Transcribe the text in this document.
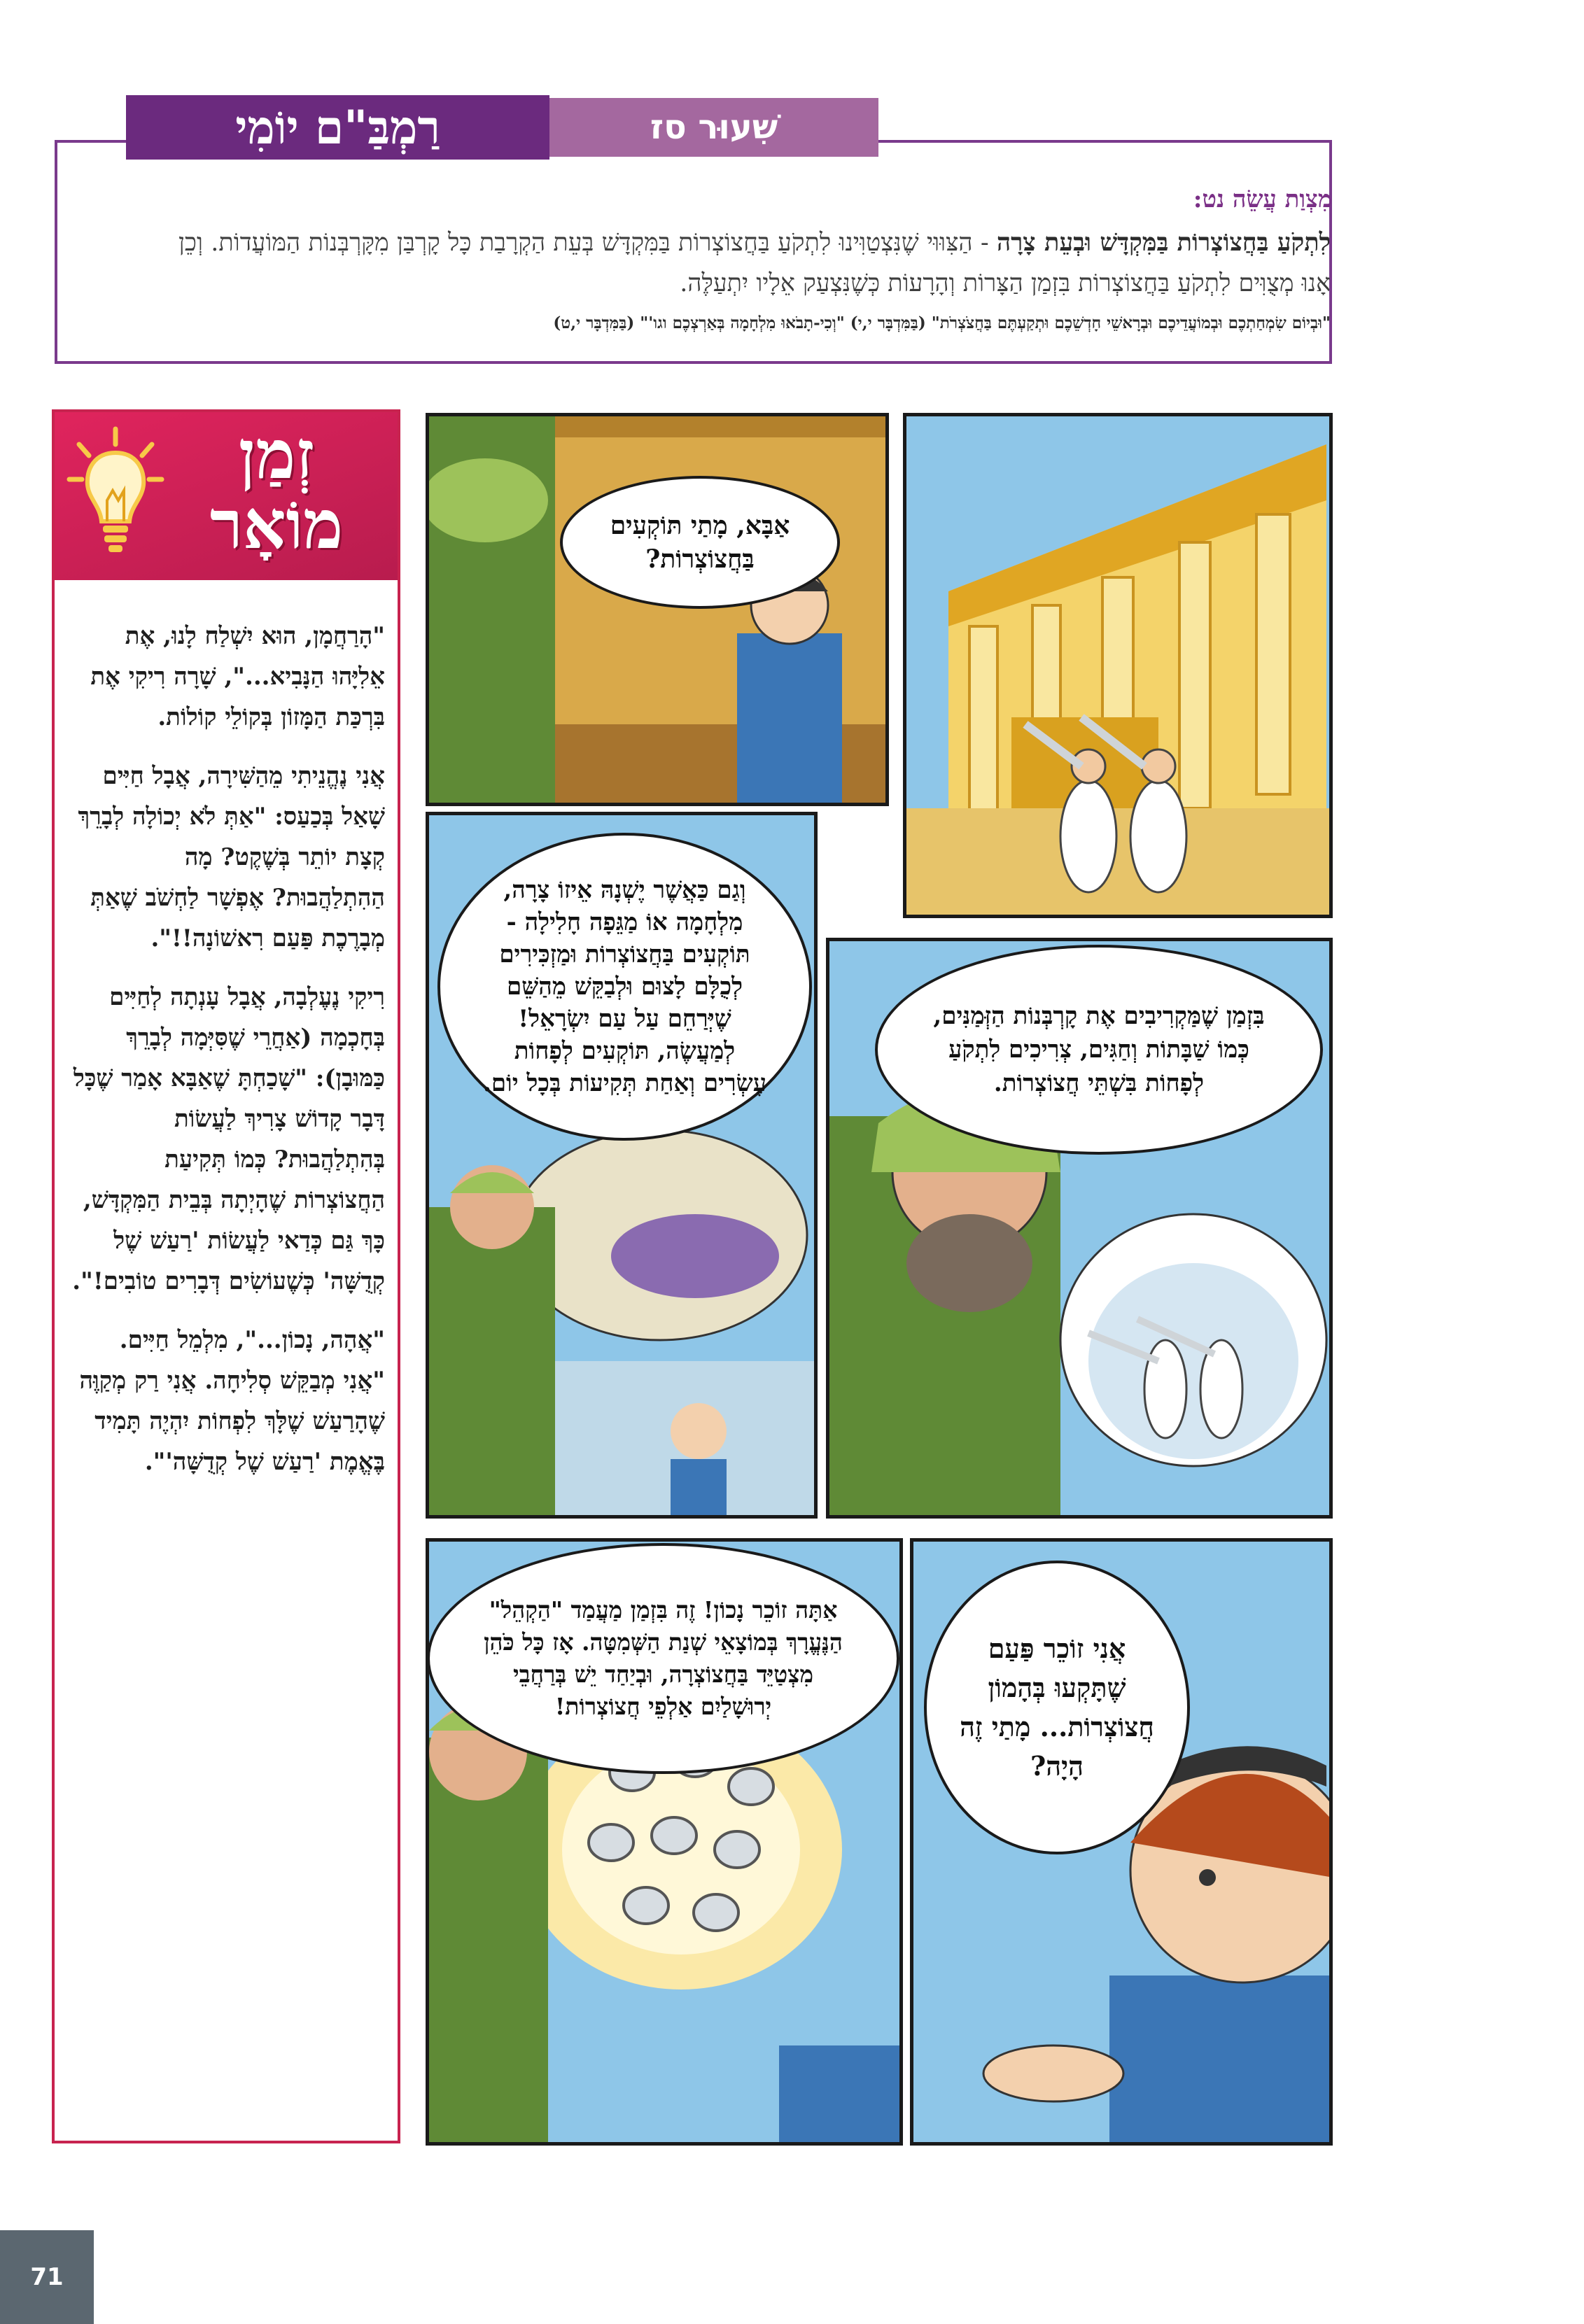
שִׁעוּר סז
רַמְבַּ"ם יוֹמִי
מִצְוַת עֲשֵׂה נט:
לִתְקֹעַ בַּחֲצוֹצְרוֹת בַּמִּקְדָּשׁ וּבְעֵת צָרָה - הַצִּוּוּי שֶׁנִּצְטַוִּינוּ לִתְקֹעַ בַּחֲצוֹצְרוֹת בַּמִּקְדָּשׁ בְּעֵת הַקְרָבַת כָּל קָרְבַּן מִקָּרְבְּנוֹת הַמּוֹעֲדוֹת. וְכֵן אָנוּ מְצֻוִּים לִתְקֹעַ בַּחֲצוֹצְרוֹת בִּזְמַן הַצָּרוֹת וְהָרָעוֹת כְּשֶׁנִּצְעַק אֵלָיו יִתְעַלֶּה.
"וּבְיוֹם שִׂמְחַתְכֶם וּבְמוֹעֲדֵיכֶם וּבְרָאשֵׁי חָדְשֵׁכֶם וּתְקַעְתֶּם בַּחֲצֹצְרֹת" (בַּמִּדְבָּר י,י) "וְכִי-תָבֹאוּ מִלְחָמָה בְּאַרְצְכֶם וגו'" (בַּמִּדְבָּר י,ט)
זְמַן
מוֹאָר

"הָרַחֲמָן, הוּא יִשְׁלַח לָנוּ, אֶת אֵלִיָּהוּ הַנָּבִיא...", שָׁרָה רִיקִי אֶת בִּרְכַּת הַמָּזוֹן בְּקוֹלֵי קוֹלוֹת.

אֲנִי נֶהֱנֵיתִי מֵהַשִּׁירָה, אֲבָל חַיִּים שָׁאַל בְּכַעַס: "אַתְּ לֹא יְכוֹלָה לְבָרֵךְ קְצָת יוֹתֵר בְּשֶׁקֶט? מָה הַהִתְלַהֲבוּת? אֶפְשָׁר לַחְשֹׁב שֶׁאַתְּ מְבָרֶכֶת פַּעַם רִאשׁוֹנָה!!".

רִיקִי נֶעֶלְבָה, אֲבָל עָנְתָה לְחַיִּים בְּחָכְמָה (אַחֲרֵי שֶׁסִּיְּמָה לְבָרֵךְ כַּמּוּבָן): "שָׁכַחְתָּ שֶׁאַבָּא אָמַר שֶׁכָּל דָּבָר קָדוֹשׁ צָרִיךְ לַעֲשׂוֹת בְּהִתְלַהֲבוּת? כְּמוֹ תְּקִיעַת הַחֲצוֹצְרוֹת שֶׁהָיְתָה בְּבֵית הַמִּקְדָּשׁ, כָּךְ גַּם כְּדַאי לַעֲשׂוֹת 'רַעַשׁ שֶׁל קְדֻשָּׁה' כְּשֶׁעוֹשִׂים דְּבָרִים טוֹבִים!".

"אֲהָה, נָכוֹן...", מִלְמֵל חַיִּים. "אֲנִי מְבַקֵּשׁ סְלִיחָה. אֲנִי רַק מְקַוֶּה שֶׁהָרַעַשׁ שֶׁלָּךְ לִפְחוֹת יִהְיֶה תָּמִיד בֶּאֱמֶת 'רַעַשׁ שֶׁל קְדֻשָּׁה'".

אַבָּא, מָתַי תּוֹקְעִים בַּחֲצוֹצְרוֹת?
וְגַם כַּאֲשֶׁר יֶשְׁנָהּ אֵיזוֹ צָרָה, מִלְחָמָה אוֹ מַגֵּפָה חָלִילָה - תּוֹקְעִים בַּחֲצוֹצְרוֹת וּמַזְכִּירִים לְכֻלָּם לָצוּם וּלְבַקֵּשׁ מֵהַשֵּׁם שֶׁיְּרַחֵם עַל עַם יִשְׂרָאֵל! לְמַעֲשֶׂה, תּוֹקְעִים לְפָחוֹת עֶשְׂרִים וְאַחַת תְּקִיעוֹת בְּכָל יוֹם.
בִּזְמַן שֶׁמַּקְרִיבִים אֶת קָרְבְּנוֹת הַזְּמַנִּים, כְּמוֹ שַׁבָּתוֹת וְחַגִּים, צְרִיכִים לִתְקֹעַ לְפָחוֹת בִּשְׁתֵּי חֲצוֹצְרוֹת.
אַתָּה זוֹכֵר נָכוֹן! זֶה בִּזְמַן מַעֲמַד "הַקְהֵל" הַנֶּעֱרָךְ בְּמוֹצָאֵי שְׁנַת הַשְּׁמִטָּה. אָז כָּל כֹּהֵן מִצְטַיֵּד בַּחֲצוֹצְרָה, וּבְיַחַד יֵשׁ בְּרַחֲבֵי יְרוּשָׁלַיִם אַלְפֵי חֲצוֹצְרוֹת!
אֲנִי זוֹכֵר פַּעַם שֶׁתָּקְעוּ בְּהָמוֹן חֲצוֹצְרוֹת... מָתַי זֶה הָיָה?
71
